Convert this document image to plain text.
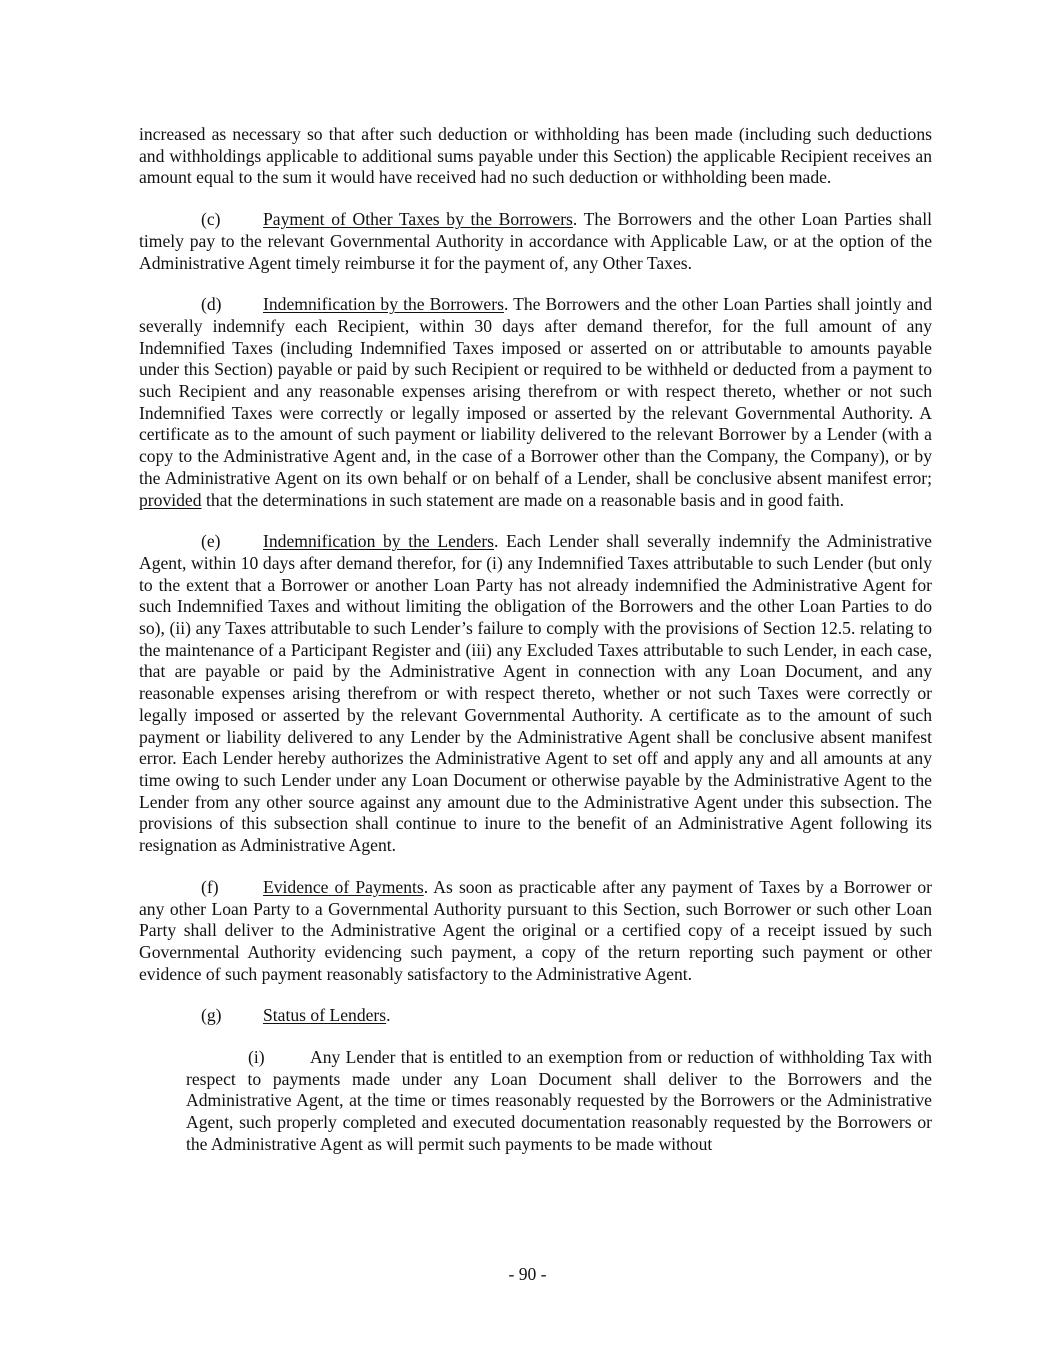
increased as necessary so that after such deduction or withholding has been made (including such deductions and withholdings applicable to additional sums payable under this Section) the applicable Recipient receives an amount equal to the sum it would have received had no such deduction or withholding been made.

(c) Payment of Other Taxes by the Borrowers. The Borrowers and the other Loan Parties shall timely pay to the relevant Governmental Authority in accordance with Applicable Law, or at the option of the Administrative Agent timely reimburse it for the payment of, any Other Taxes.

(d) Indemnification by the Borrowers. The Borrowers and the other Loan Parties shall jointly and severally indemnify each Recipient, within 30 days after demand therefor, for the full amount of any Indemnified Taxes (including Indemnified Taxes imposed or asserted on or attributable to amounts payable under this Section) payable or paid by such Recipient or required to be withheld or deducted from a payment to such Recipient and any reasonable expenses arising therefrom or with respect thereto, whether or not such Indemnified Taxes were correctly or legally imposed or asserted by the relevant Governmental Authority. A certificate as to the amount of such payment or liability delivered to the relevant Borrower by a Lender (with a copy to the Administrative Agent and, in the case of a Borrower other than the Company, the Company), or by the Administrative Agent on its own behalf or on behalf of a Lender, shall be conclusive absent manifest error; provided that the determinations in such statement are made on a reasonable basis and in good faith.

(e) Indemnification by the Lenders. Each Lender shall severally indemnify the Administrative Agent, within 10 days after demand therefor, for (i) any Indemnified Taxes attributable to such Lender (but only to the extent that a Borrower or another Loan Party has not already indemnified the Administrative Agent for such Indemnified Taxes and without limiting the obligation of the Borrowers and the other Loan Parties to do so), (ii) any Taxes attributable to such Lender’s failure to comply with the provisions of Section 12.5. relating to the maintenance of a Participant Register and (iii) any Excluded Taxes attributable to such Lender, in each case, that are payable or paid by the Administrative Agent in connection with any Loan Document, and any reasonable expenses arising therefrom or with respect thereto, whether or not such Taxes were correctly or legally imposed or asserted by the relevant Governmental Authority. A certificate as to the amount of such payment or liability delivered to any Lender by the Administrative Agent shall be conclusive absent manifest error. Each Lender hereby authorizes the Administrative Agent to set off and apply any and all amounts at any time owing to such Lender under any Loan Document or otherwise payable by the Administrative Agent to the Lender from any other source against any amount due to the Administrative Agent under this subsection. The provisions of this subsection shall continue to inure to the benefit of an Administrative Agent following its resignation as Administrative Agent.

(f)	Evidence of Payments. As soon as practicable after any payment of Taxes by a Borrower or any other Loan Party to a Governmental Authority pursuant to this Section, such Borrower or such other Loan Party shall deliver to the Administrative Agent the original or a certified copy of a receipt issued by such Governmental Authority evidencing such payment, a copy of the return reporting such payment or other evidence of such payment reasonably satisfactory to the Administrative Agent.

(g) Status of Lenders.

(i)	Any Lender that is entitled to an exemption from or reduction of withholding Tax with respect to payments made under any Loan Document shall deliver to the Borrowers and the Administrative Agent, at the time or times reasonably requested by the Borrowers or the Administrative Agent, such properly completed and executed documentation reasonably requested by the Borrowers or the Administrative Agent as will permit such payments to be made without

- 90 -
